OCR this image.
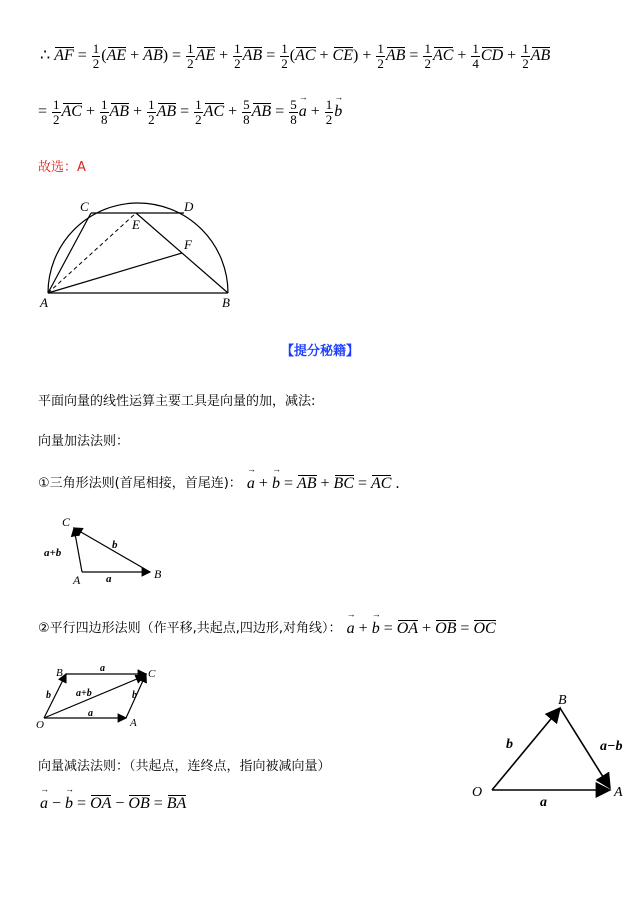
∴ AF = $\frac{1}{2} (AE + AB) = \frac{1}{2}$ AE + $\frac{1}{2}$ AB = $\frac{1}{2} (AC + CE) + \frac{1}{2}$ AB = $\frac{1}{2}$ AC + $\frac{1}{4}$ CD + $\frac{1}{2}$ AB
= $\frac{1}{2}$ AC + $\frac{1}{8}$ AB + $\frac{1}{2}$ AB = $\frac{1}{2}$ AC + $\frac{5}{8}$ AB = $\frac{5}{8}$
→ $a + \frac{1}{2}$
→ b
故选：A
C	D
E
F
A	B
【提分秘籍】
平面向量的线性运算主要工具是向量的加，减法:
向量加法法则：
①三角形法则(首尾相接，首尾连)： → a + → b = AB + BC = AC .
C
A	B
a+b
b
a
②平行四边形法则（作平移,共起点,四边形,对角线）： → a + → b = OA + OB = OC
B	C
O	A
a
a
b	b
a+b
向量减法法则：（共起点，连终点，指向被减向量）
→ a − → b = OA − OB = BA
B
O	A
b	a−b
a
